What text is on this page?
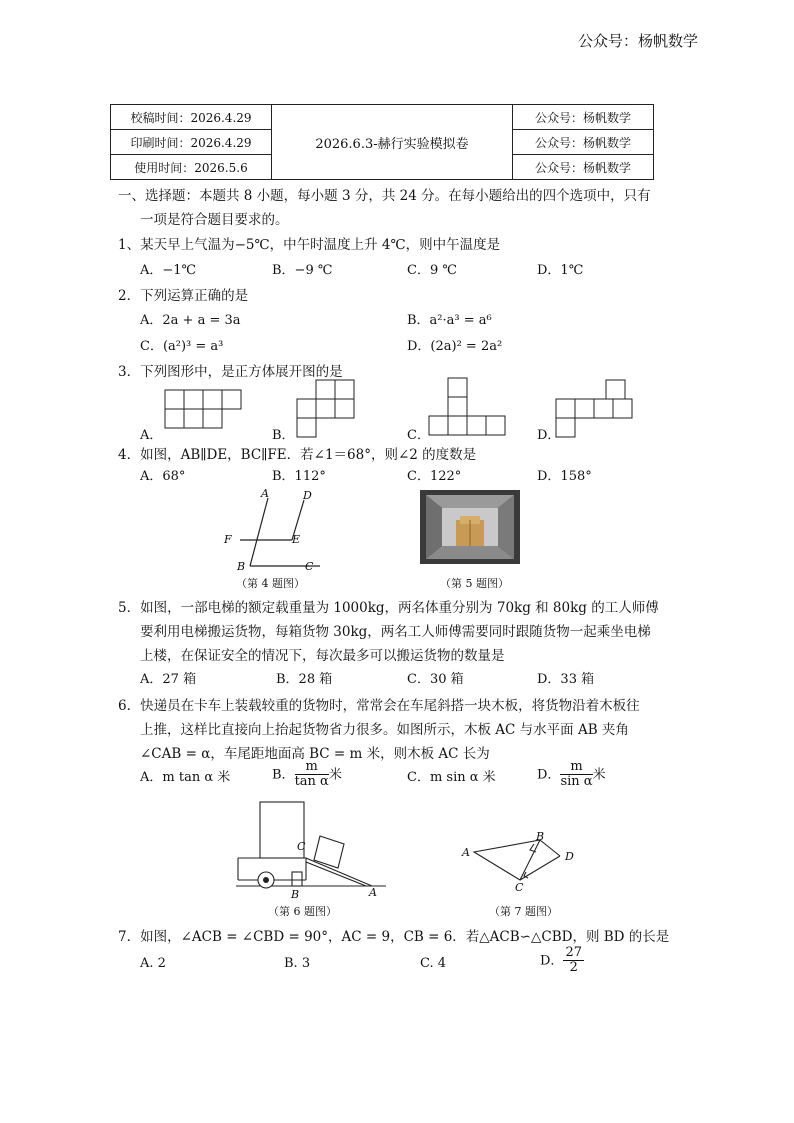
公众号：杨帆数学
校稿时间：2026.4.29	2026.6.3-赫行实验模拟卷	公众号：杨帆数学
印刷时间：2026.4.29		公众号：杨帆数学
使用时间：2026.5.6		公众号：杨帆数学
一、选择题：本题共 8 小题，每小题 3 分，共 24 分。在每小题给出的四个选项中，只有
一项是符合题目要求的。
1、某天早上气温为−5℃，中午时温度上升 4℃，则中午温度是
A．−1℃	B．−9 ℃	C．9 ℃	D．1℃
2．下列运算正确的是
A．2a + a = 3a	B．a²·a³ = a⁶
C．(a²)³ = a³	D．(2a)² = 2a²
3．下列图形中，是正方体展开图的是
A．	B．	C．	D．
4．如图，AB∥DE，BC∥FE．若∠1＝68°，则∠2 的度数是
A．68°	B．112°	C．122°	D．158°
A	D
F	E
B	C
（第 4 题图）	（第 5 题图）
5．如图，一部电梯的额定载重量为 1000kg，两名体重分别为 70kg 和 80kg 的工人师傅
要利用电梯搬运货物，每箱货物 30kg，两名工人师傅需要同时跟随货物一起乘坐电梯
上楼，在保证安全的情况下，每次最多可以搬运货物的数量是
A．27 箱	B．28 箱	C．30 箱	D．33 箱
6．快递员在卡车上装载较重的货物时，常常会在车尾斜搭一块木板，将货物沿着木板往
上推，这样比直接向上抬起货物省力很多。如图所示，木板 AC 与水平面 AB 夹角
∠CAB = α，车尾距地面高 BC = m 米，则木板 AC 长为
A．m tan α 米	B． $\frac{m}{\text{tan α}}$ 米	C．m sin α 米	D． $\frac{m}{\text{sin α}}$ 米
C
B	A
（第 6 题图）
B
A	D
C
（第 7 题图）
7．如图，∠ACB = ∠CBD = 90°，AC = 9，CB = 6．若△ACB∽△CBD，则 BD 的长是
A. 2	B. 3	C. 4	D． $\frac{27}{2}$
